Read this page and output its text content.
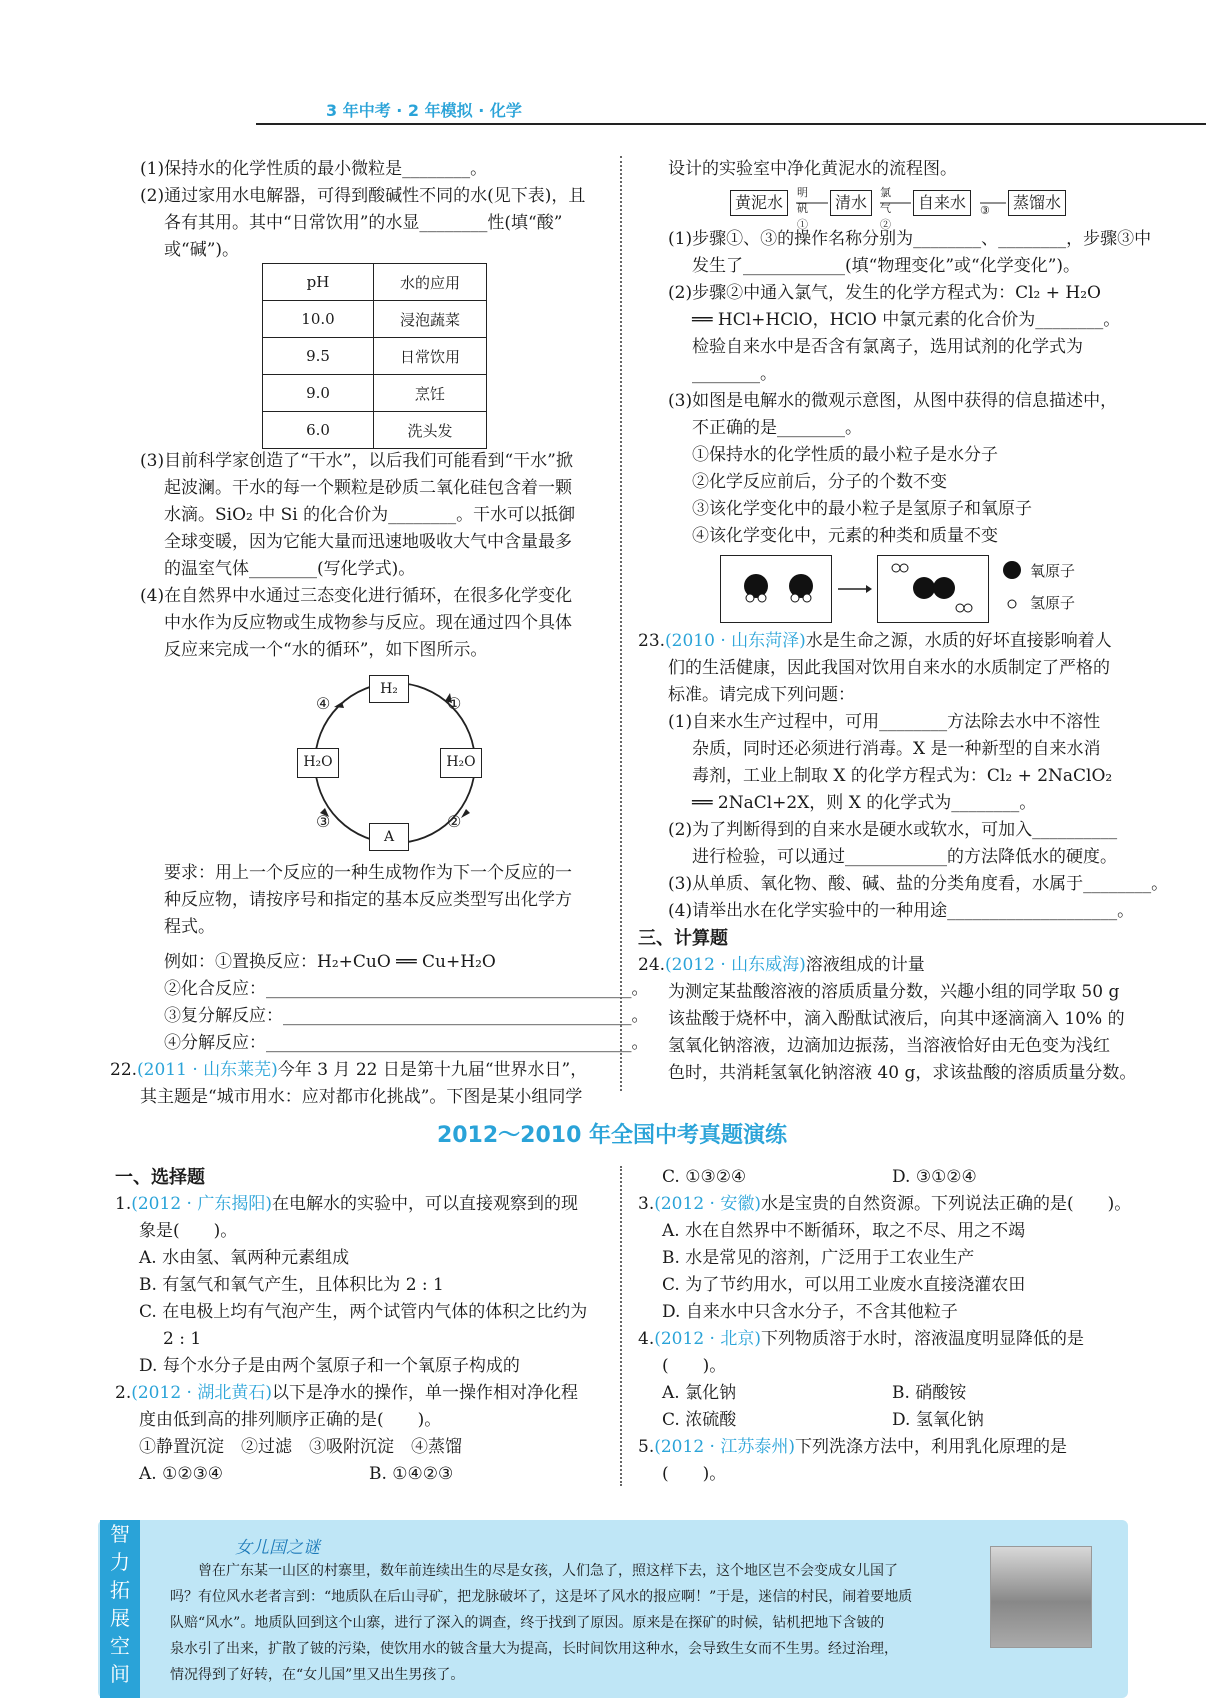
3 年中考 · 2 年模拟 · 化学

(1)保持水的化学性质的最小微粒是________。

(2)通过家用水电解器，可得到酸碱性不同的水(见下表)，且

各有其用。其中“日常饮用”的水显________性(填“酸”

或“碱”)。

pH	水的应用
10.0	浸泡蔬菜
9.5	日常饮用
9.0	烹饪
6.0	洗头发

(3)目前科学家创造了“干水”，以后我们可能看到“干水”掀

起波澜。干水的每一个颗粒是砂质二氧化硅包含着一颗

水滴。SiO₂ 中 Si 的化合价为________。干水可以抵御

全球变暖，因为它能大量而迅速地吸收大气中含量最多

的温室气体________(写化学式)。

(4)在自然界中水通过三态变化进行循环，在很多化学变化

中水作为反应物或生成物参与反应。现在通过四个具体

反应来完成一个“水的循环”，如下图所示。

H₂
H₂O	H₂O
A
①
②
③
④

要求：用上一个反应的一种生成物作为下一个反应的一

种反应物，请按序号和指定的基本反应类型写出化学方

程式。

例如：①置换反应：H₂+CuO ══ Cu+H₂O

②化合反应：___________________________________________。

③复分解反应：_________________________________________。

④分解反应：___________________________________________。

22.(2011 · 山东莱芜)今年 3 月 22 日是第十九届“世界水日”，

其主题是“城市用水：应对都市化挑战”。下图是某小组同学

设计的实验室中净化黄泥水的流程图。

黄泥水	清水	自来水	蒸馏水
明矾 ①
氯气 ②
③

(1)步骤①、③的操作名称分别为________、________，步骤③中

发生了____________(填“物理变化”或“化学变化”)。

(2)步骤②中通入氯气，发生的化学方程式为：Cl₂ + H₂O

══ HCl+HClO，HClO 中氯元素的化合价为________。

检验自来水中是否含有氯离子，选用试剂的化学式为

________。

(3)如图是电解水的微观示意图，从图中获得的信息描述中，

不正确的是________。

①保持水的化学性质的最小粒子是水分子

②化学反应前后，分子的个数不变

③该化学变化中的最小粒子是氢原子和氧原子

④该化学变化中，元素的种类和质量不变

氧原子
氢原子

23.(2010 · 山东菏泽)水是生命之源，水质的好坏直接影响着人

们的生活健康，因此我国对饮用自来水的水质制定了严格的

标准。请完成下列问题：

(1)自来水生产过程中，可用________方法除去水中不溶性

杂质，同时还必须进行消毒。X 是一种新型的自来水消

毒剂，工业上制取 X 的化学方程式为：Cl₂ + 2NaClO₂

══ 2NaCl+2X，则 X 的化学式为________。

(2)为了判断得到的自来水是硬水或软水，可加入__________

进行检验，可以通过____________的方法降低水的硬度。

(3)从单质、氧化物、酸、碱、盐的分类角度看，水属于________。

(4)请举出水在化学实验中的一种用途____________________。

三、计算题

24.(2012 · 山东威海)溶液组成的计量

为测定某盐酸溶液的溶质质量分数，兴趣小组的同学取 50 g

该盐酸于烧杯中，滴入酚酞试液后，向其中逐滴滴入 10% 的

氢氧化钠溶液，边滴加边振荡，当溶液恰好由无色变为浅红

色时，共消耗氢氧化钠溶液 40 g，求该盐酸的溶质质量分数。

2012～2010 年全国中考真题演练

一、选择题

1.(2012 · 广东揭阳)在电解水的实验中，可以直接观察到的现

象是(　　)。

A. 水由氢、氧两种元素组成

B. 有氢气和氧气产生，且体积比为 2 : 1

C. 在电极上均有气泡产生，两个试管内气体的体积之比约为

2 : 1

D. 每个水分子是由两个氢原子和一个氧原子构成的

2.(2012 · 湖北黄石)以下是净水的操作，单一操作相对净化程

度由低到高的排列顺序正确的是(　　)。

①静置沉淀　②过滤　③吸附沉淀　④蒸馏

A. ①②③④	B. ①④②③

C. ①③②④	D. ③①②④

3.(2012 · 安徽)水是宝贵的自然资源。下列说法正确的是(　　)。

A. 水在自然界中不断循环，取之不尽、用之不竭

B. 水是常见的溶剂，广泛用于工农业生产

C. 为了节约用水，可以用工业废水直接浇灌农田

D. 自来水中只含水分子，不含其他粒子

4.(2012 · 北京)下列物质溶于水时，溶液温度明显降低的是

(　　)。

A. 氯化钠	B. 硝酸铵

C. 浓硫酸	D. 氢氧化钠

5.(2012 · 江苏泰州)下列洗涤方法中，利用乳化原理的是

(　　)。

智力拓展空间
女儿国之谜

　　曾在广东某一山区的村寨里，数年前连续出生的尽是女孩，人们急了，照这样下去，这个地区岂不会变成女儿国了

吗？有位风水老者言到：“地质队在后山寻矿，把龙脉破坏了，这是坏了风水的报应啊！”于是，迷信的村民，闹着要地质

队赔“风水”。地质队回到这个山寨，进行了深入的调查，终于找到了原因。原来是在探矿的时候，钻机把地下含铍的

泉水引了出来，扩散了铍的污染，使饮用水的铍含量大为提高，长时间饮用这种水，会导致生女而不生男。经过治理，

情况得到了好转，在“女儿国”里又出生男孩了。
